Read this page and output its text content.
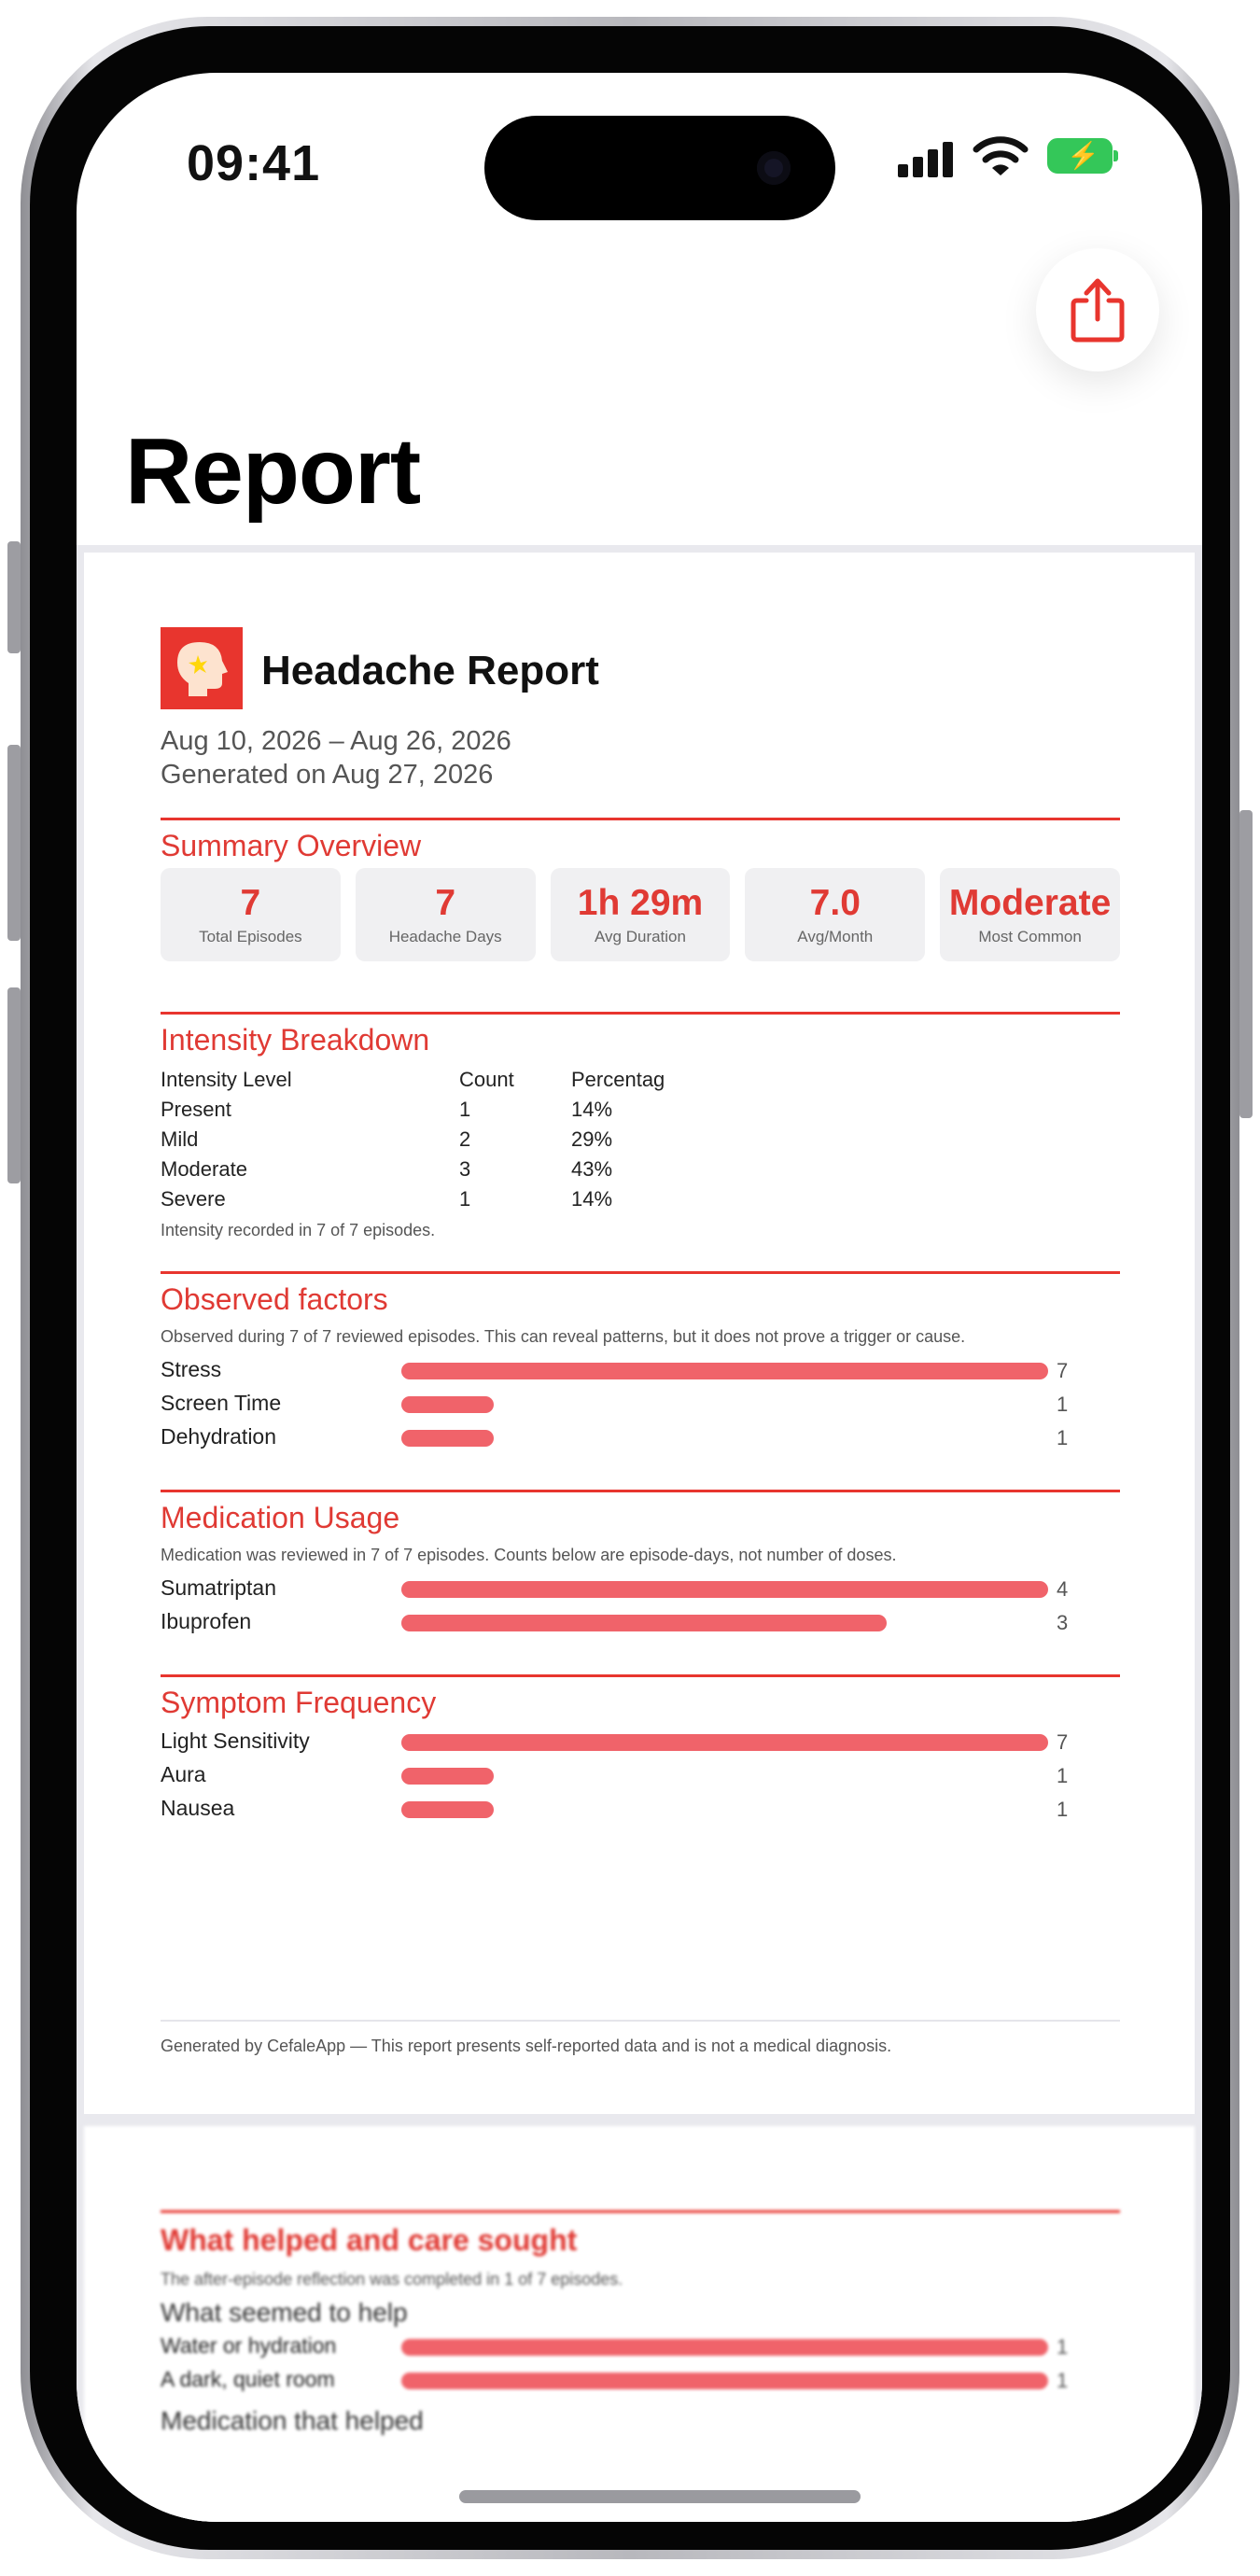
09:41	⚡
Report
Headache Report
Aug 10, 2026 – Aug 26, 2026
Generated on Aug 27, 2026
Summary Overview
7
Total Episodes
7
Headache Days
1h 29m
Avg Duration
7.0
Avg/Month
Moderate
Most Common
Intensity Breakdown
Intensity Level	Count	Percentag
Present	1	14%
Mild	2	29%
Moderate	3	43%
Severe	1	14%
Intensity recorded in 7 of 7 episodes.
Observed factors
Observed during 7 of 7 reviewed episodes. This can reveal patterns, but it does not prove a trigger or cause.
Stress	7
Screen Time	1
Dehydration	1
Medication Usage
Medication was reviewed in 7 of 7 episodes. Counts below are episode-days, not number of doses.
Sumatriptan	4
Ibuprofen	3
Symptom Frequency
Light Sensitivity	7
Aura	1
Nausea	1
Generated by CefaleApp — This report presents self-reported data and is not a medical diagnosis.
What helped and care sought
The after-episode reflection was completed in 1 of 7 episodes.
What seemed to help
Water or hydration	1
A dark, quiet room	1
Medication that helped
